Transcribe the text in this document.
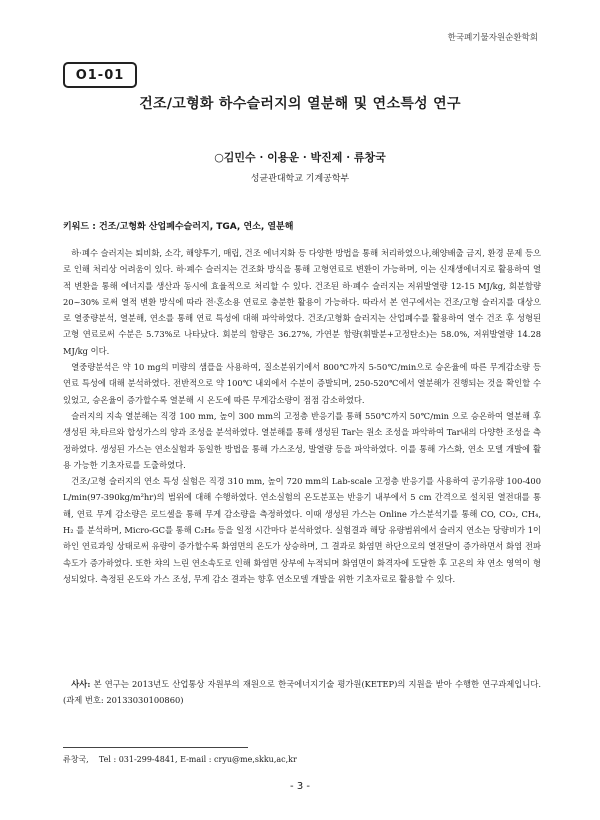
한국폐기물자원순환학회
O1-01
건조/고형화 하수슬러지의 열분해 및 연소특성 연구
○김민수 · 이용운 · 박진제 · 류창국
성균관대학교 기계공학부
키워드 : 건조/고형화 산업폐수슬러지, TGA, 연소, 열분해

하·폐수 슬러지는 퇴비화, 소각, 해양투기, 매립, 건조 에너지화 등 다양한 방법을 통해 처리하였으나,해양배출 금지, 환경 문제 등으로 인해 처리상 어려움이 있다. 하·폐수 슬러지는 건조화 방식을 통해 고형연료로 변환이 가능하며, 이는 신재생에너지로 활용하여 열적 변환을 통해 에너지를 생산과 동시에 효율적으로 처리할 수 있다. 건조된 하·폐수 슬러지는 저위발열량 12-15 MJ/kg, 회분함량 20~30% 로써 열적 변환 방식에 따라 전·혼소용 연료로 충분한 활용이 가능하다. 따라서 본 연구에서는 건조/고형 슬러지를 대상으로 열중량분석, 열분해, 연소를 통해 연료 특성에 대해 파악하였다. 건조/고형화 슬러지는 산업폐수를 활용하여 열수 건조 후 성형된 고형 연료로써 수분은 5.73%로 나타났다. 회분의 함량은 36.27%, 가연분 함량(휘발분+고정탄소)는 58.0%, 저위발열량 14.28 MJ/kg 이다.

열중량분석은 약 10 mg의 미량의 샘플을 사용하여, 질소분위기에서 800℃까지 5-50℃/min으로 승온율에 따른 무게감소량 등 연료 특성에 대해 분석하였다. 전반적으로 약 100℃ 내외에서 수분이 증발되며, 250-520℃에서 열분해가 진행되는 것을 확인할 수 있었고, 승온율이 증가할수록 열분해 시 온도에 따른 무게감소량이 점점 감소하였다.

슬러지의 지속 열분해는 직경 100 mm, 높이 300 mm의 고정층 반응기를 통해 550℃까지 50℃/min 으로 승온하여 열분해 후 생성된 챠,타르와 합성가스의 양과 조성을 분석하였다. 열분해를 통해 생성된 Tar는 원소 조성을 파악하여 Tar내의 다양한 조성을 측정하였다. 생성된 가스는 연소실험과 동일한 방법을 통해 가스조성, 발열량 등을 파악하였다. 이를 통해 가스화, 연소 모델 개발에 활용 가능한 기초자료를 도출하였다.

건조/고형 슬러지의 연소 특성 실험은 직경 310 mm, 높이 720 mm의 Lab-scale 고정층 반응기를 사용하여 공기유량 100-400 L/min(97-390kg/m²hr)의 범위에 대해 수행하였다. 연소실험의 온도분포는 반응기 내부에서 5 cm 간격으로 설치된 열전대를 통해, 연료 무게 감소량은 로드셀을 통해 무게 감소량을 측정하였다. 이때 생성된 가스는 Online 가스분석기를 통해 CO, CO₂, CH₄, H₂ 를 분석하며, Micro-GC를 통해 C₂H₆ 등을 일정 시간마다 분석하였다. 실험결과 해당 유량범위에서 슬러지 연소는 당량비가 1이하인 연료과잉 상태로써 유량이 증가할수록 화염면의 온도가 상승하며, 그 결과로 화염면 하단으로의 열전달이 증가하면서 화염 전파 속도가 증가하였다. 또한 챠의 느린 연소속도로 인해 화염면 상부에 누적되며 화염면이 화격자에 도달한 후 고온의 챠 연소 영역이 형성되었다. 측정된 온도와 가스 조성, 무게 감소 결과는 향후 연소모델 개발을 위한 기초자료로 활용할 수 있다.

사사: 본 연구는 2013년도 산업통상 자원부의 재원으로 한국에너지기술 평가원(KETEP)의 지원을 받아 수행한 연구과제입니다. (과제 번호: 20133030100860)
류창국,    Tel : 031-299-4841, E-mail : cryu@me,skku,ac,kr
- 3 -
